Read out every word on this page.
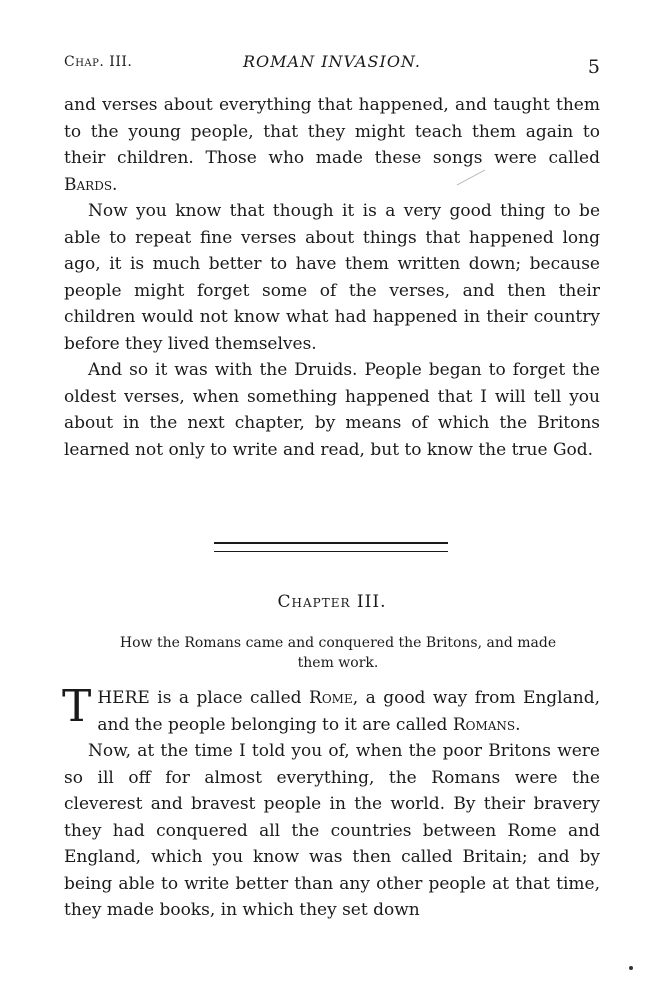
Chap. III.	ROMAN INVASION.	5

and verses about everything that happened, and taught them to the young people, that they might teach them again to their children. Those who made these songs were called Bards.

Now you know that though it is a very good thing to be able to repeat fine verses about things that happened long ago, it is much better to have them written down; because people might forget some of the verses, and then their children would not know what had happened in their country before they lived themselves.

And so it was with the Druids. People began to forget the oldest verses, when something happened that I will tell you about in the next chapter, by means of which the Britons learned not only to write and read, but to know the true God.

Chapter III.
How the Romans came and conquered the Britons, and made them work.

THERE is a place called Rome, a good way from England, and the people belonging to it are called Romans.

Now, at the time I told you of, when the poor Britons were so ill off for almost everything, the Romans were the cleverest and bravest people in the world. By their bravery they had conquered all the countries between Rome and England, which you know was then called Britain; and by being able to write better than any other people at that time, they made books, in which they set down
